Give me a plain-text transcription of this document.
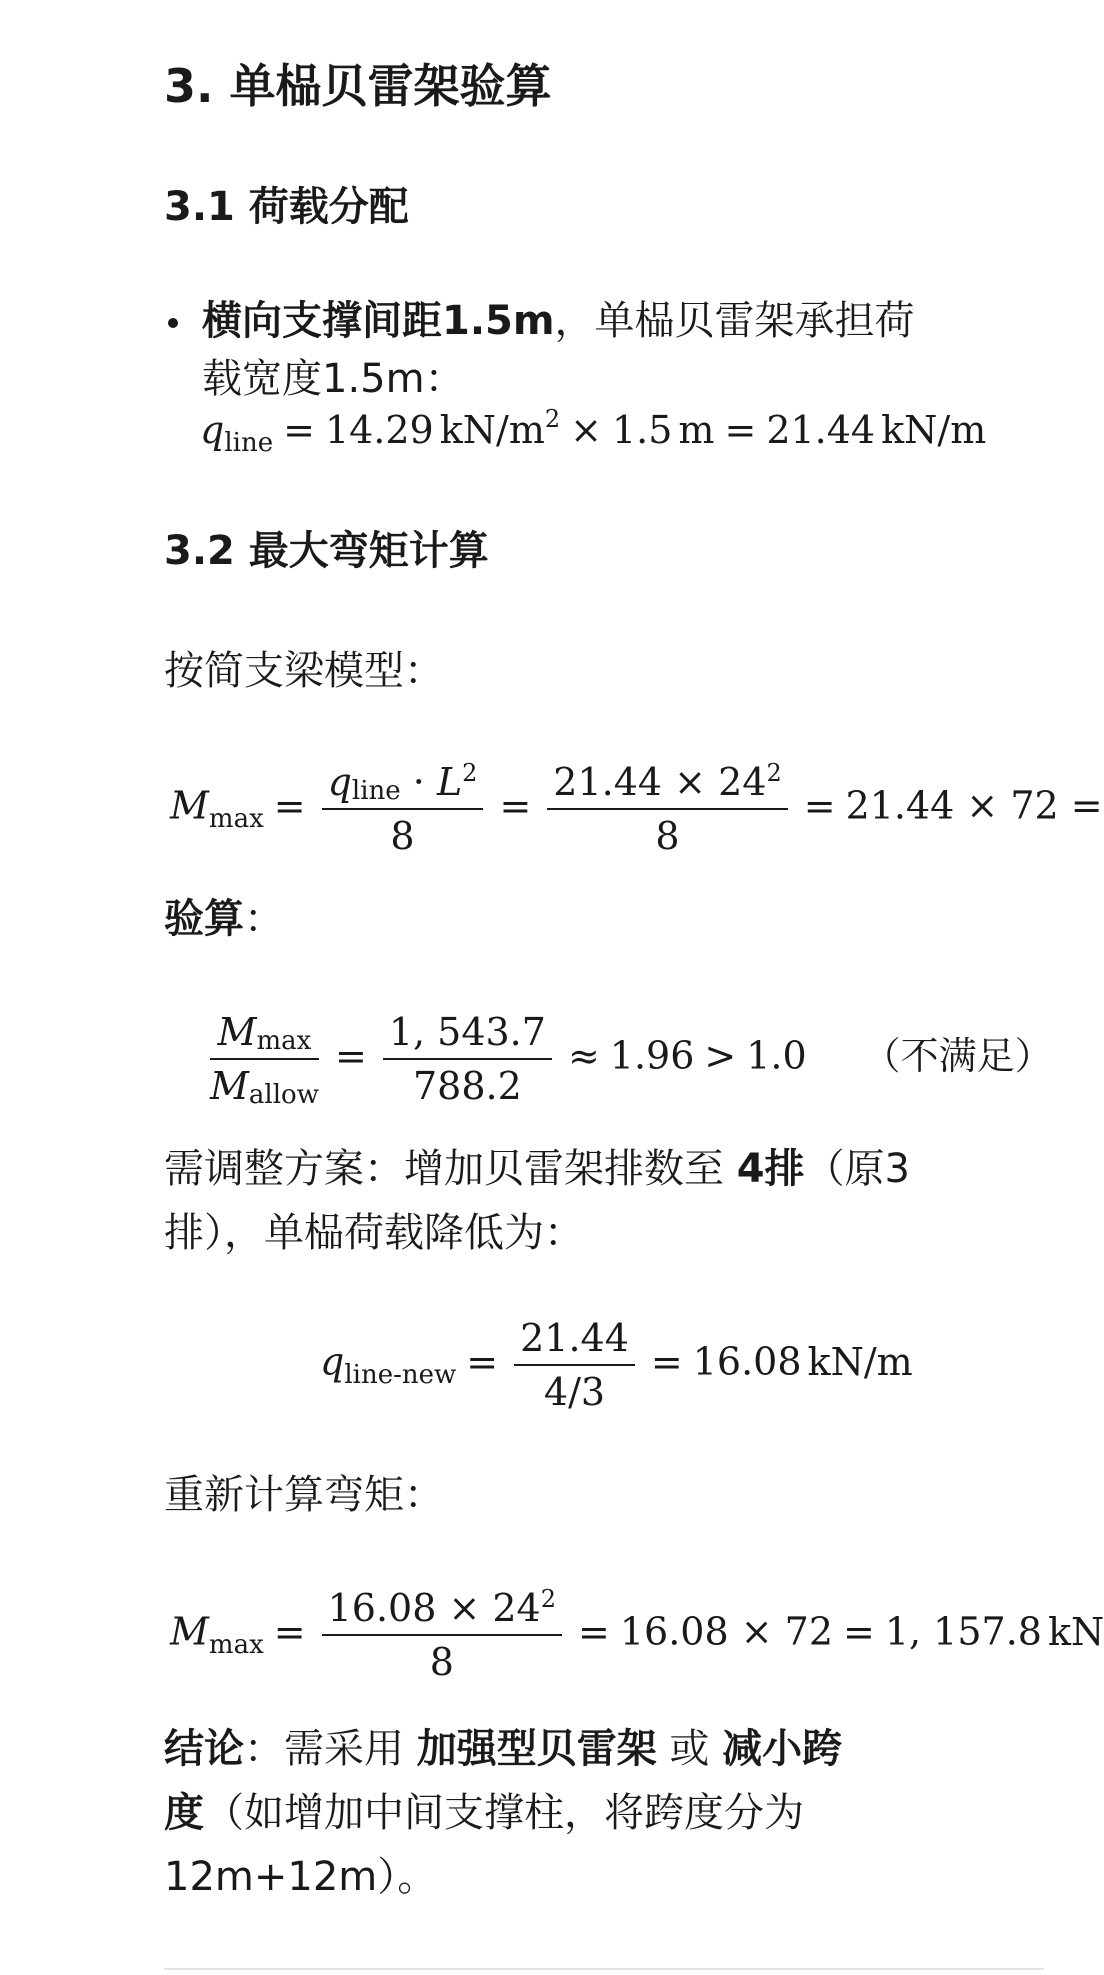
3. 单榀贝雷架验算
3.1 荷载分配
横向支撑间距1.5m，单榀贝雷架承担荷
载宽度1.5m：
$q_{line} = 14.29$ $kN/m^2 \times 1.5$ m = 21.44 kN/m
3.2 最大弯矩计算
按简支梁模型：
$M_{max} = \frac{qline \cdot L^2}{8} = \frac{21.44 \times 24^2}{8} = 21.44 \times 72$ =
验算：
$\frac{Mmax}{\text{Mallow}} = \frac{1, 543.7}{788.2} \approx 1.96 > 1.0$ （不满足）
需调整方案：增加贝雷架排数至 4排（原3
排），单榀荷载降低为：
$q_{line-new} = \frac{21.44}{4/3} = 16.08$ kN/m
重新计算弯矩：
$M_{max} = \frac{16.08 \times 24^2}{8} = 16.08 \times 72 = 1$, 157.8 kN
结论：需采用 加强型贝雷架 或 减小跨
度（如增加中间支撑柱，将跨度分为
12m+12m）。
